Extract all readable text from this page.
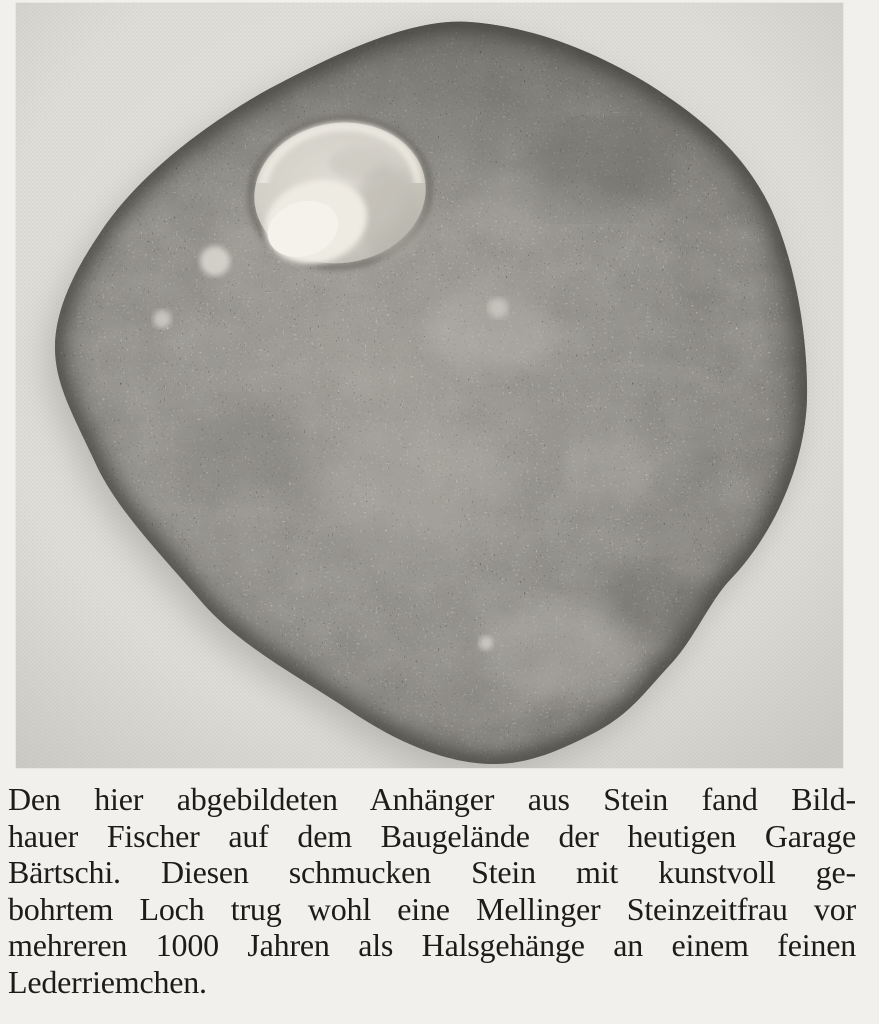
Den hier abgebildeten Anhänger aus Stein fand Bild-
hauer Fischer auf dem Baugelände der heutigen Garage
Bärtschi. Diesen schmucken Stein mit kunstvoll ge-
bohrtem Loch trug wohl eine Mellinger Steinzeitfrau vor
mehreren 1000 Jahren als Halsgehänge an einem feinen
Lederriemchen.
